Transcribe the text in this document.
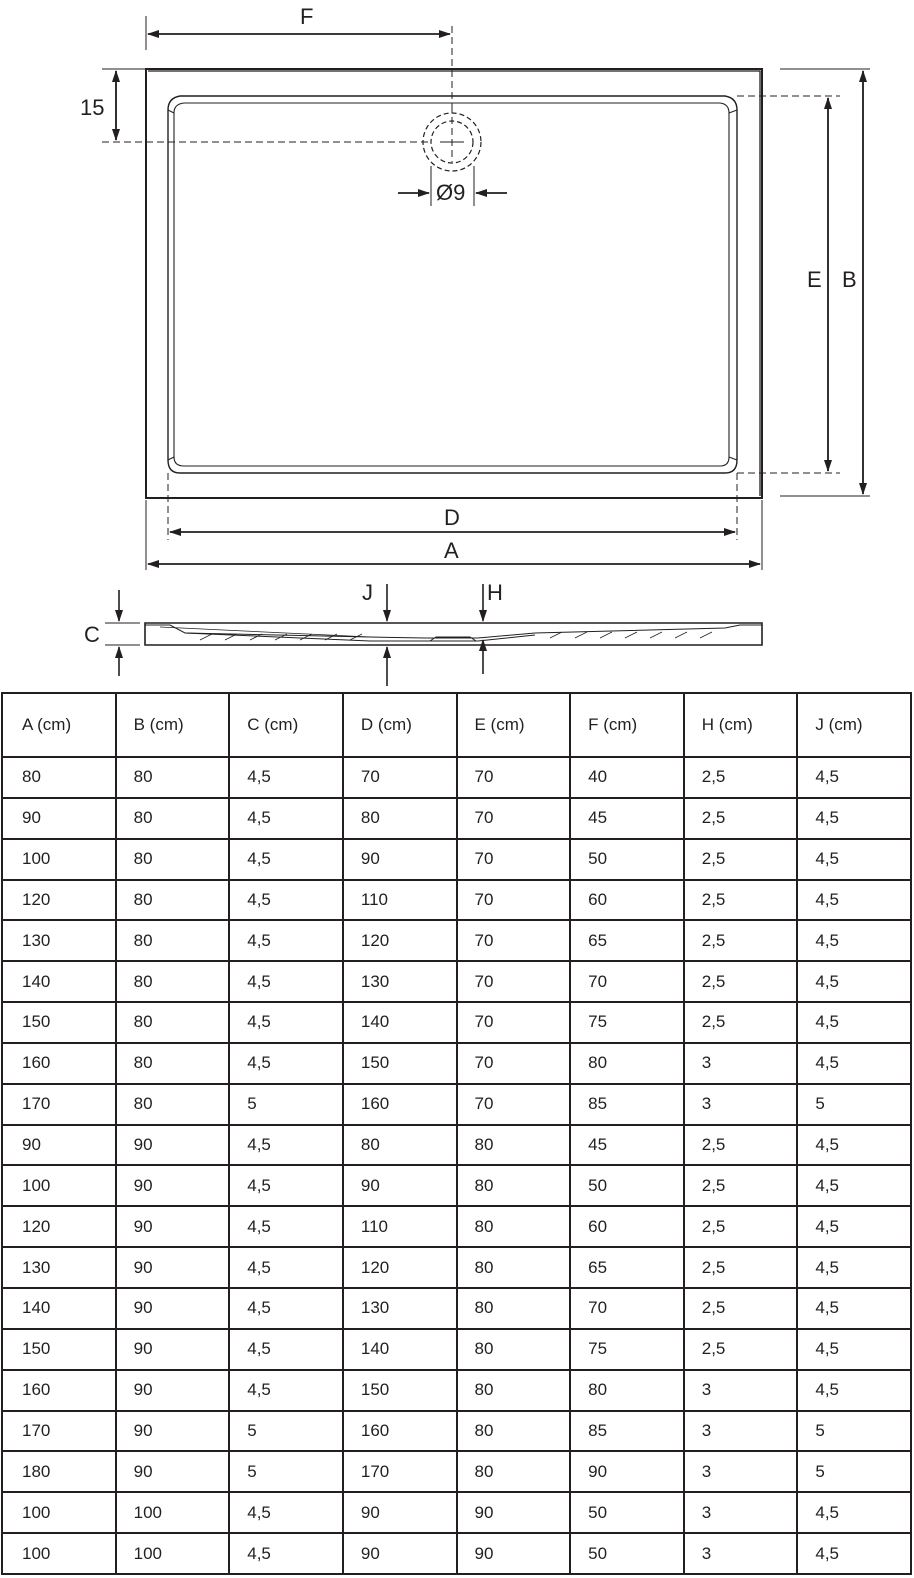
Ø9
F
15
E B
D
A
C
J	H
A (cm)	B (cm)	C (cm)	D (cm)	E (cm)	F (cm)	H (cm)	J (cm)
80	80	4,5	70	70	40	2,5	4,5
90	80	4,5	80	70	45	2,5	4,5
100	80	4,5	90	70	50	2,5	4,5
120	80	4,5	110	70	60	2,5	4,5
130	80	4,5	120	70	65	2,5	4,5
140	80	4,5	130	70	70	2,5	4,5
150	80	4,5	140	70	75	2,5	4,5
160	80	4,5	150	70	80	3	4,5
170	80	5	160	70	85	3	5
90	90	4,5	80	80	45	2,5	4,5
100	90	4,5	90	80	50	2,5	4,5
120	90	4,5	110	80	60	2,5	4,5
130	90	4,5	120	80	65	2,5	4,5
140	90	4,5	130	80	70	2,5	4,5
150	90	4,5	140	80	75	2,5	4,5
160	90	4,5	150	80	80	3	4,5
170	90	5	160	80	85	3	5
180	90	5	170	80	90	3	5
100	100	4,5	90	90	50	3	4,5
100	100	4,5	90	90	50	3	4,5
